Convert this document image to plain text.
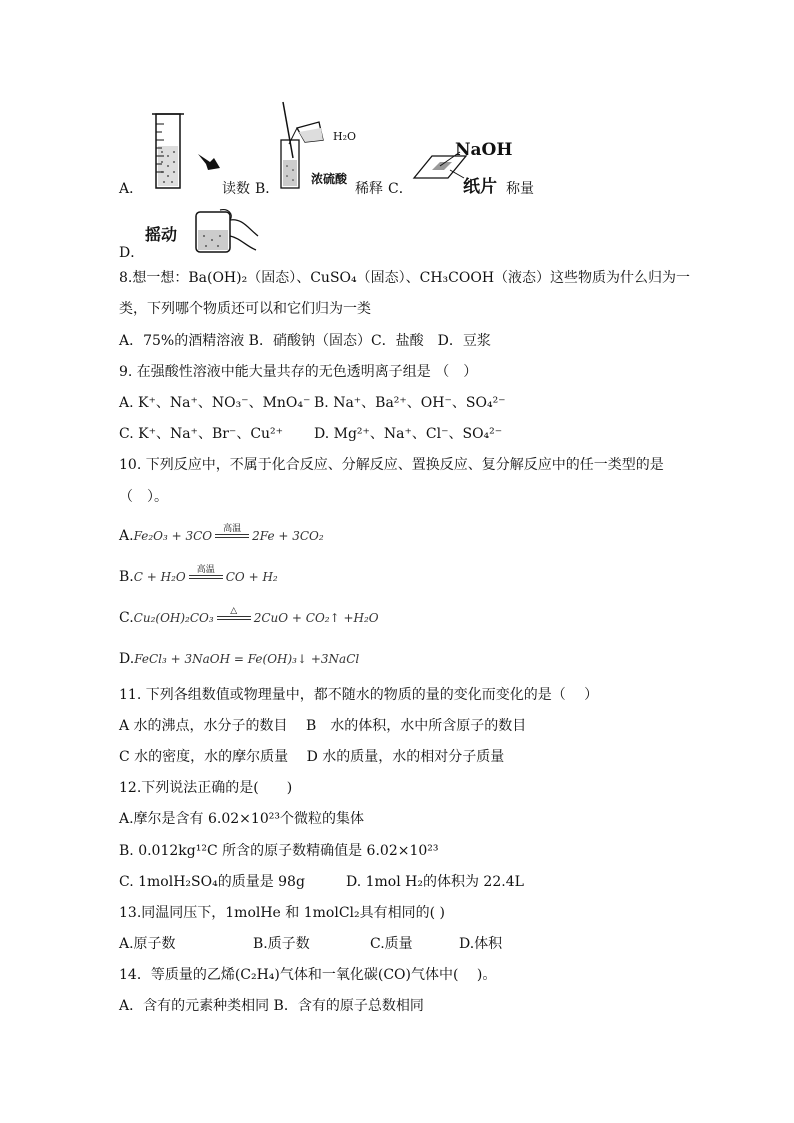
A．	读数 B．
H₂O
浓硫酸
稀释 C．
NaOH
纸片 称量
D．
摇动
8.想一想：Ba(OH)₂（固态）、CuSO₄（固态）、CH₃COOH（液态）这些物质为什么归为一
类，下列哪个物质还可以和它们归为一类
A．75%的酒精溶液 B．硝酸钠（固态）C．盐酸　D．豆浆
9. 在强酸性溶液中能大量共存的无色透明离子组是 （　）
A. K⁺、Na⁺、NO₃⁻、MnO₄⁻ B. Na⁺、Ba²⁺、OH⁻、SO₄²⁻
C. K⁺、Na⁺、Br⁻、Cu²⁺ D. Mg²⁺、Na⁺、Cl⁻、SO₄²⁻
10. 下列反应中，不属于化合反应、分解反应、置换反应、复分解反应中的任一类型的是
（　）。
A.Fe₂O₃ + 3CO	高温 2Fe + 3CO₂
B.C + H₂O	高温 CO + H₂
C.Cu₂(OH)₂CO₃	△	2CuO + CO₂↑ +H₂O
D.FeCl₃ + 3NaOH = Fe(OH)₃↓ +3NaCl
11. 下列各组数值或物理量中，都不随水的物质的量的变化而变化的是（　 ）
A 水的沸点，水分子的数目　 B　水的体积，水中所含原子的数目
C 水的密度，水的摩尔质量　 D 水的质量，水的相对分子质量
12.下列说法正确的是(　　)
A.摩尔是含有 6.02×10²³个微粒的集体
B. 0.012kg¹²C 所含的原子数精确值是 6.02×10²³
C. 1molH₂SO₄的质量是 98g	D. 1mol H₂的体积为 22.4L
13.同温同压下，1molHe 和 1molCl₂具有相同的( )
A.原子数	B.质子数	C.质量	D.体积
14．等质量的乙烯(C₂H₄)气体和一氧化碳(CO)气体中(　 )。
A．含有的元素种类相同 B．含有的原子总数相同
